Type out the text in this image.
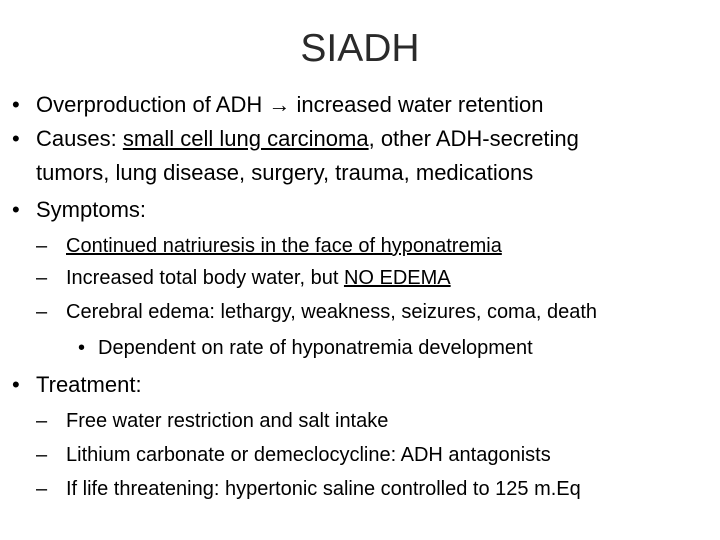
SIADH
• Overproduction of ADH → increased water retention
• Causes: small cell lung carcinoma, other ADH-secreting
tumors, lung disease, surgery, trauma, medications
• Symptoms:
– Continued natriuresis in the face of hyponatremia
– Increased total body water, but NO EDEMA
– Cerebral edema: lethargy, weakness, seizures, coma, death
• Dependent on rate of hyponatremia development
• Treatment:
– Free water restriction and salt intake
– Lithium carbonate or demeclocycline: ADH antagonists
– If life threatening: hypertonic saline controlled to 125 m.Eq
